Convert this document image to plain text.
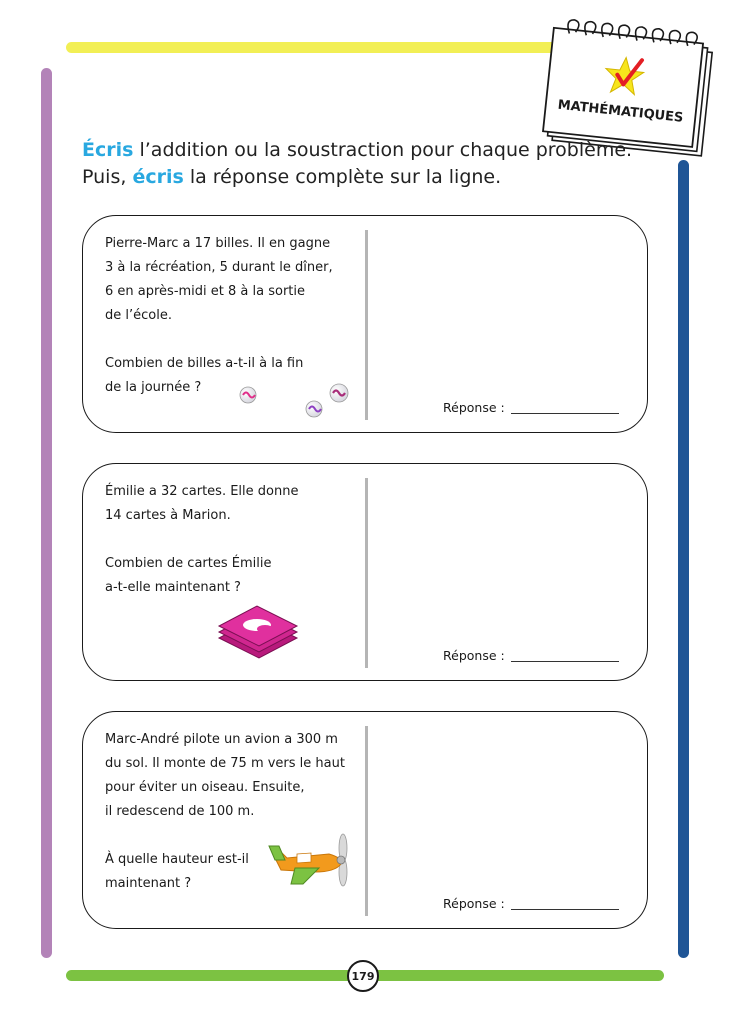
MATHÉMATIQUES
Écris l’addition ou la soustraction pour chaque problème. Puis, écris la réponse complète sur la ligne.
Pierre-Marc a 17 billes. Il en gagne
3 à la récréation, 5 durant le dîner,
6 en après-midi et 8 à la sortie
de l’école.
Combien de billes a-t-il à la fin
de la journée ?
Réponse :
Émilie a 32 cartes. Elle donne
14 cartes à Marion.
Combien de cartes Émilie
a-t-elle maintenant ?
Réponse :
Marc-André pilote un avion a 300 m
du sol. Il monte de 75 m vers le haut
pour éviter un oiseau. Ensuite,
il redescend de 100 m.
À quelle hauteur est-il
maintenant ?
Réponse :
179
